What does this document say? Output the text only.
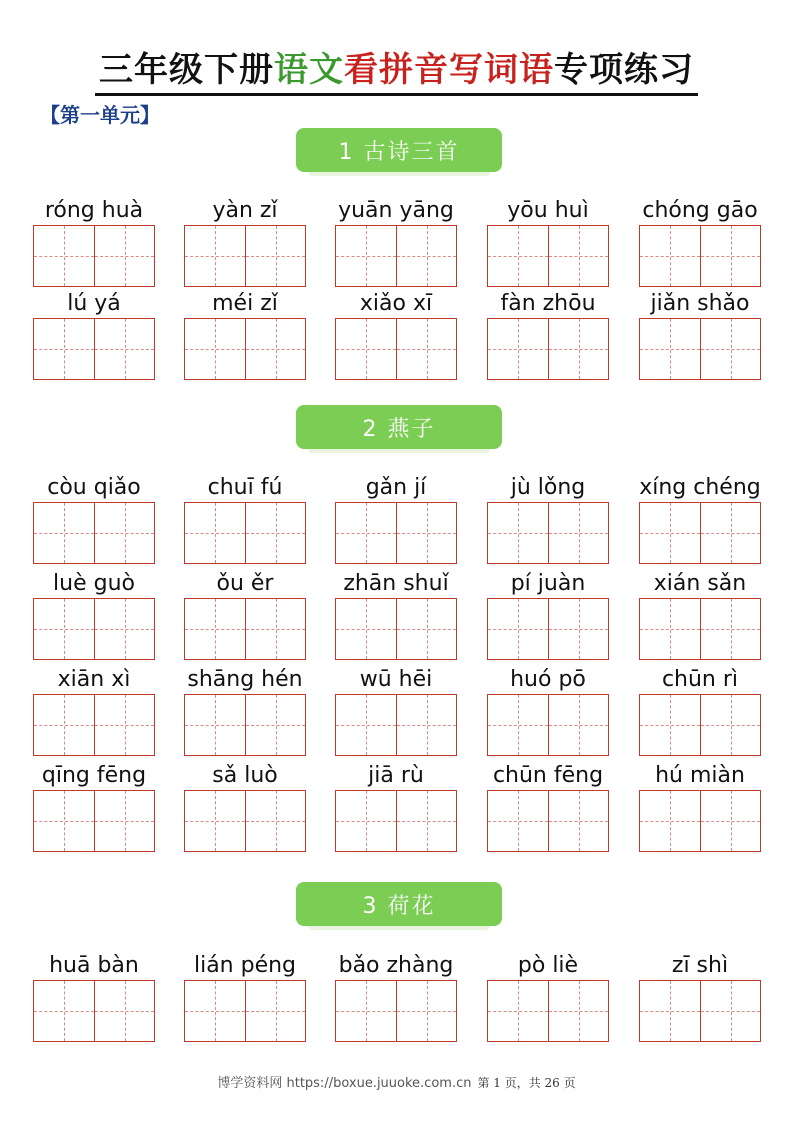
三年级下册语文看拼音写词语专项练习
【第一单元】
1 古诗三首
róng huà	yàn zǐ	yuān yāng	yōu huì	chóng gāo
lú yá	méi zǐ	xiǎo xī	fàn zhōu	jiǎn shǎo
2 燕子
còu qiǎo	chuī fú	gǎn jí	jù lǒng	xíng chéng
luè guò	ǒu ěr	zhān shuǐ	pí juàn	xián sǎn
xiān xì	shāng hén	wū hēi	huó pō	chūn rì
qīng fēng	sǎ luò	jiā rù	chūn fēng	hú miàn
3 荷花
huā bàn	lián péng	bǎo zhàng	pò liè	zī shì
博学资料网 https://boxue.juuoke.com.cn 第 1 页，共 26 页
